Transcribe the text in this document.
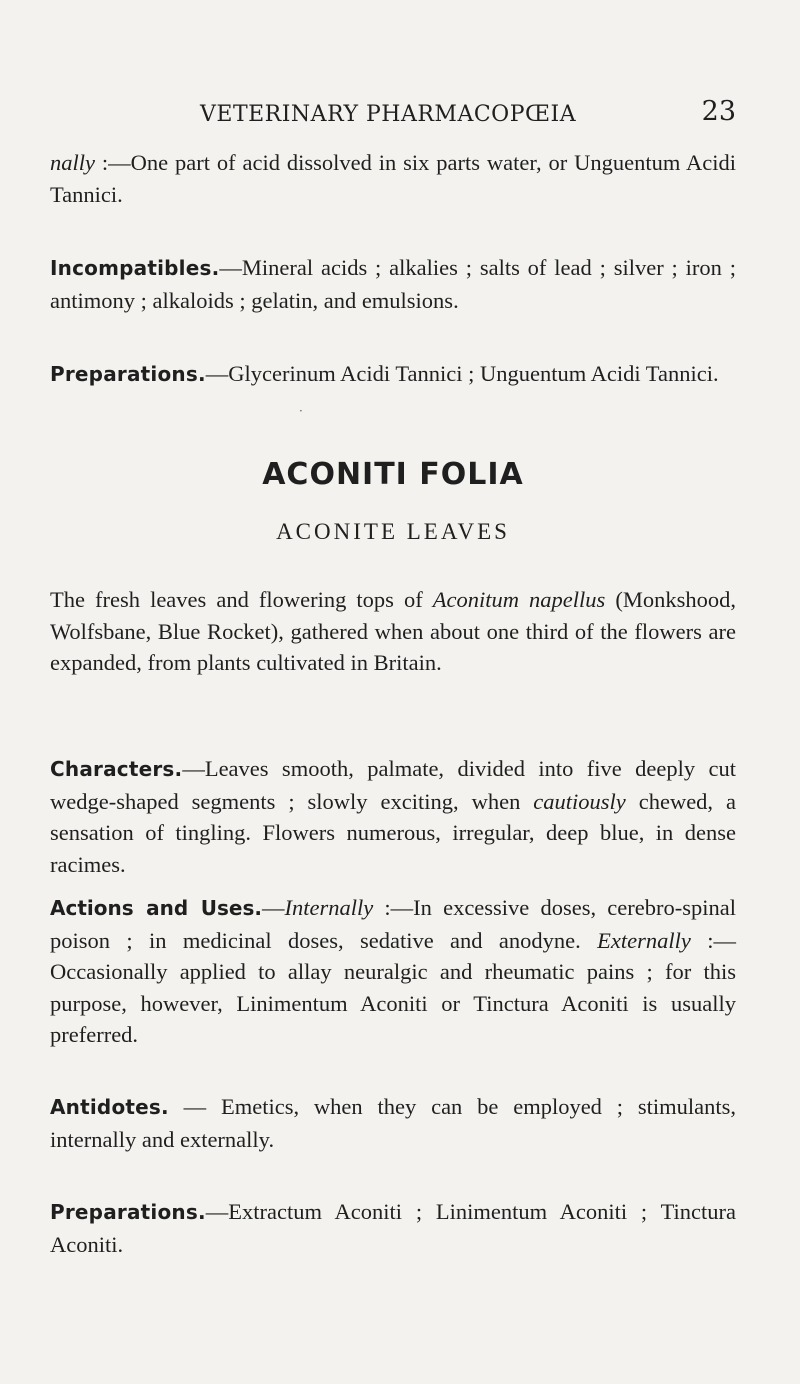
VETERINARY PHARMACOPŒIA	23

nally :—One part of acid dissolved in six parts water, or Unguentum Acidi Tannici.

Incompatibles.—Mineral acids ; alkalies ; salts of lead ; silver ; iron ; antimony ; alkaloids ; gelatin, and emulsions.

Preparations.—Glycerinum Acidi Tannici ; Unguentum Acidi Tannici.

·
ACONITI FOLIA
ACONITE LEAVES

The fresh leaves and flowering tops of Aconitum napellus (Monkshood, Wolfsbane, Blue Rocket), gathered when about one third of the flowers are expanded, from plants cultivated in Britain.

Characters.—Leaves smooth, palmate, divided into five deeply cut wedge-shaped segments ; slowly exciting, when cautiously chewed, a sensation of tingling. Flowers numerous, irregular, deep blue, in dense racimes.

Actions and Uses.—Internally :—In excessive doses, cerebro-spinal poison ; in medicinal doses, sedative and anodyne. Externally :—Occasionally applied to allay neuralgic and rheumatic pains ; for this purpose, however, Linimentum Aconiti or Tinctura Aconiti is usually preferred.

Antidotes. — Emetics, when they can be employed ; stimulants, internally and externally.

Preparations.—Extractum Aconiti ; Linimentum Aconiti ; Tinctura Aconiti.
